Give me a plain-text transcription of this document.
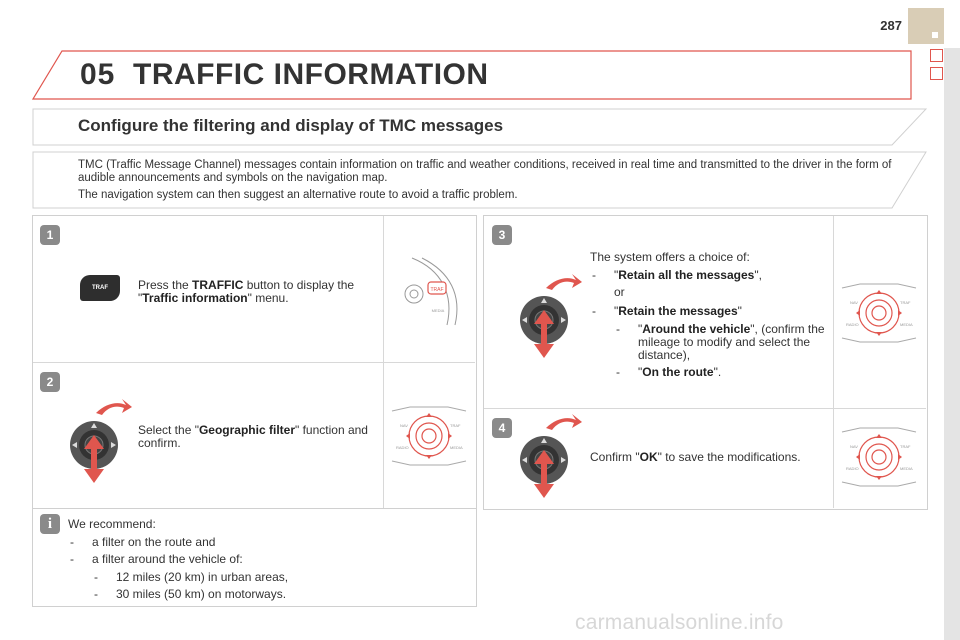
287
05 TRAFFIC INFORMATION
Configure the filtering and display of TMC messages

TMC (Traffic Message Channel) messages contain information on traffic and weather conditions, received in real time and transmitted to the driver in the form of audible announcements and symbols on the navigation map.

The navigation system can then suggest an alternative route to avoid a traffic problem.

1
TRAF	Press the TRAFFIC button to display the "Traffic information" menu.
TRAF
MEDIA
2
Select the "Geographic filter" function and confirm.
NAV	TRAF
RADIO	MEDIA
i	We recommend:
- a filter on the route and
- a filter around the vehicle of:
- 12 miles (20 km) in urban areas,
- 30 miles (50 km) on motorways.
3
The system offers a choice of:
- "Retain all the messages",
or
- "Retain the messages"
- "Around the vehicle", (confirm the mileage to modify and select the distance),
- "On the route".
NAV	TRAF
RADIO	MEDIA
4
Confirm "OK" to save the modifications.
NAV	TRAF
RADIO	MEDIA
carmanualsonline.info
